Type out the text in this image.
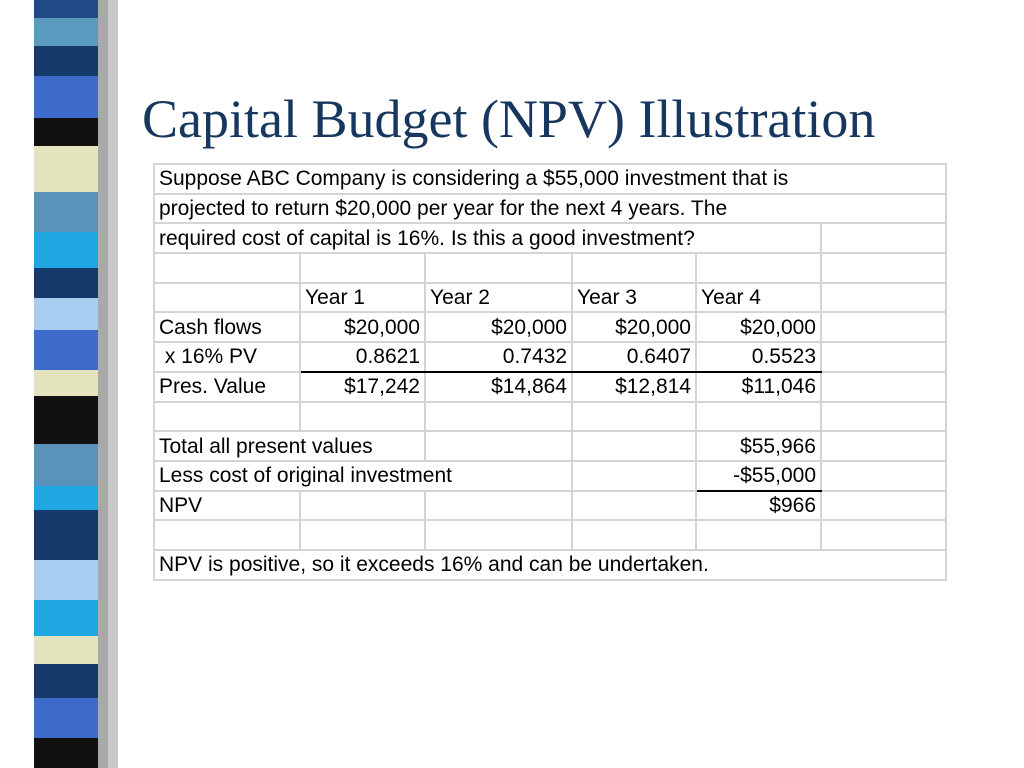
Capital Budget (NPV) Illustration
Suppose ABC Company is considering a $55,000 investment that is					
projected to return $20,000 per year for the next 4 years. The					
required cost of capital is 16%. Is this a good investment?					

	Year 1	Year 2	Year 3	Year 4	
Cash flows	$20,000	$20,000	$20,000	$20,000	
x 16% PV	0.8621	0.7432	0.6407	0.5523	
Pres. Value	$17,242	$14,864	$12,814	$11,046	

Total all present values				$55,966	
Less cost of original investment				-$55,000	
NPV				$966	

NPV is positive, so it exceeds 16% and can be undertaken.					
